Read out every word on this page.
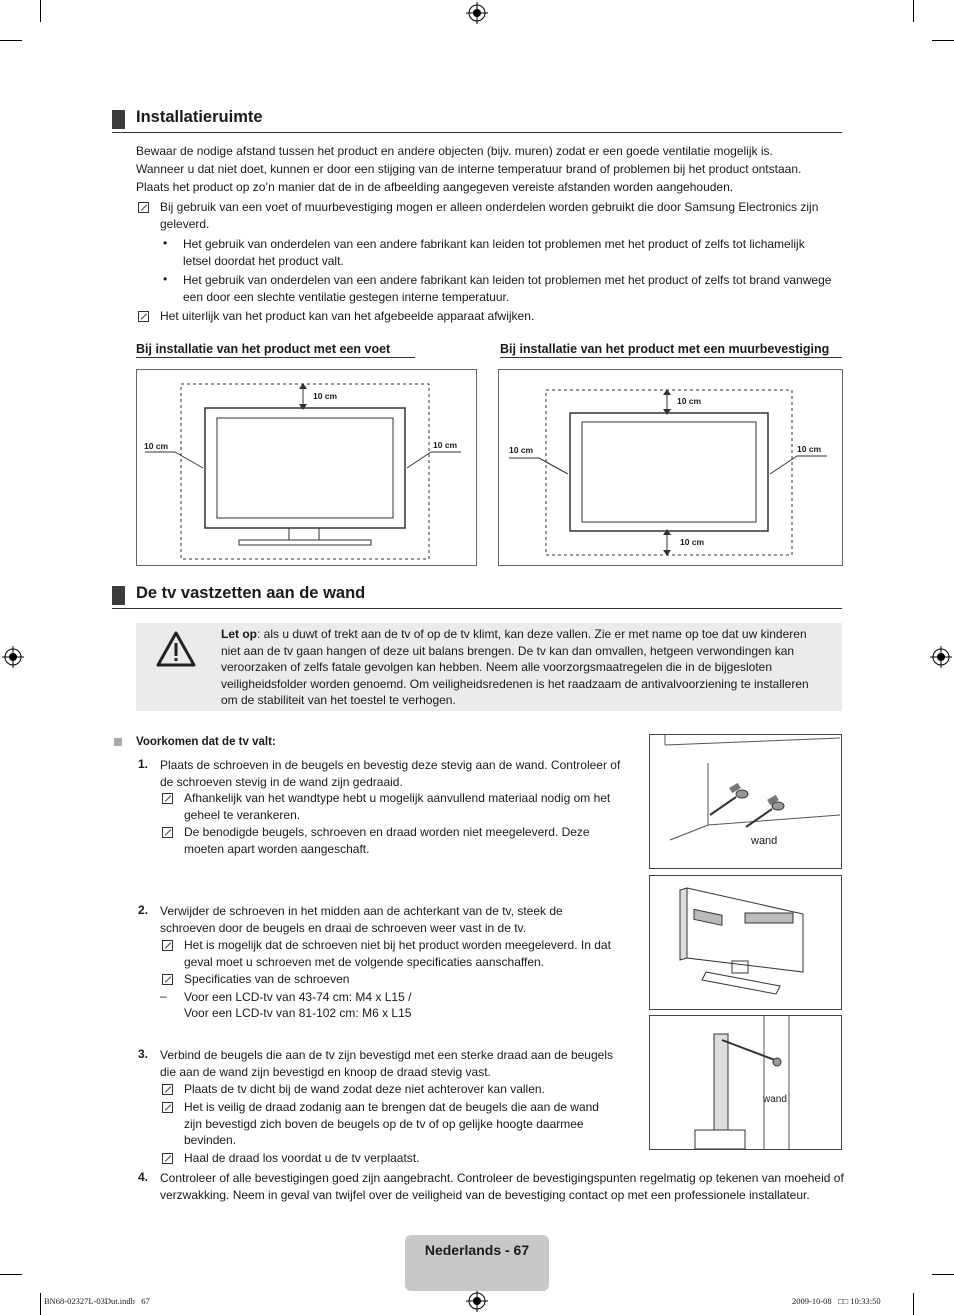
Installatieruimte
Bewaar de nodige afstand tussen het product en andere objecten (bijv. muren) zodat er een goede ventilatie mogelijk is.
Wanneer u dat niet doet, kunnen er door een stijging van de interne temperatuur brand of problemen bij het product ontstaan.
Plaats het product op zo’n manier dat de in de afbeelding aangegeven vereiste afstanden worden aangehouden.
Bij gebruik van een voet of muurbevestiging mogen er alleen onderdelen worden gebruikt die door Samsung Electronics zijn geleverd.
• Het gebruik van onderdelen van een andere fabrikant kan leiden tot problemen met het product of zelfs tot lichamelijk letsel doordat het product valt.
• Het gebruik van onderdelen van een andere fabrikant kan leiden tot problemen met het product of zelfs tot brand vanwege een door een slechte ventilatie gestegen interne temperatuur.
Het uiterlijk van het product kan van het afgebeelde apparaat afwijken.
Bij installatie van het product met een voet	Bij installatie van het product met een muurbevestiging
10 cm
10 cm	10 cm
10 cm
10 cm	10 cm
10 cm
De tv vastzetten aan de wand
Let op: als u duwt of trekt aan de tv of op de tv klimt, kan deze vallen. Zie er met name op toe dat uw kinderen niet aan de tv gaan hangen of deze uit balans brengen. De tv kan dan omvallen, hetgeen verwondingen kan veroorzaken of zelfs fatale gevolgen kan hebben. Neem alle voorzorgsmaatregelen die in de bijgesloten veiligheidsfolder worden genoemd. Om veiligheidsredenen is het raadzaam de antivalvoorziening te installeren om de stabiliteit van het toestel te verhogen.
Voorkomen dat de tv valt:
1. Plaats de schroeven in de beugels en bevestig deze stevig aan de wand. Controleer of de schroeven stevig in de wand zijn gedraaid.
Afhankelijk van het wandtype hebt u mogelijk aanvullend materiaal nodig om het geheel te verankeren.
De benodigde beugels, schroeven en draad worden niet meegeleverd. Deze moeten apart worden aangeschaft.
2. Verwijder de schroeven in het midden aan de achterkant van de tv, steek de schroeven door de beugels en draai de schroeven weer vast in de tv.
Het is mogelijk dat de schroeven niet bij het product worden meegeleverd. In dat geval moet u schroeven met de volgende specificaties aanschaffen.
Specificaties van de schroeven
– Voor een LCD-tv van 43-74 cm: M4 x L15 /
Voor een LCD-tv van 81-102 cm: M6 x L15
3. Verbind de beugels die aan de tv zijn bevestigd met een sterke draad aan de beugels die aan de wand zijn bevestigd en knoop de draad stevig vast.
Plaats de tv dicht bij de wand zodat deze niet achterover kan vallen.
Het is veilig de draad zodanig aan te brengen dat de beugels die aan de wand zijn bevestigd zich boven de beugels op de tv of op gelijke hoogte daarmee bevinden.
Haal de draad los voordat u de tv verplaatst.
4. Controleer of alle bevestigingen goed zijn aangebracht. Controleer de bevestigingspunten regelmatig op tekenen van moeheid of verzwakking. Neem in geval van twijfel over de veiligheid van de bevestiging contact op met een professionele installateur.
wand
wand
Nederlands - 67
BN68-02327L-03Dut.indb   67	2009-10-08   □□ 10:33:50
